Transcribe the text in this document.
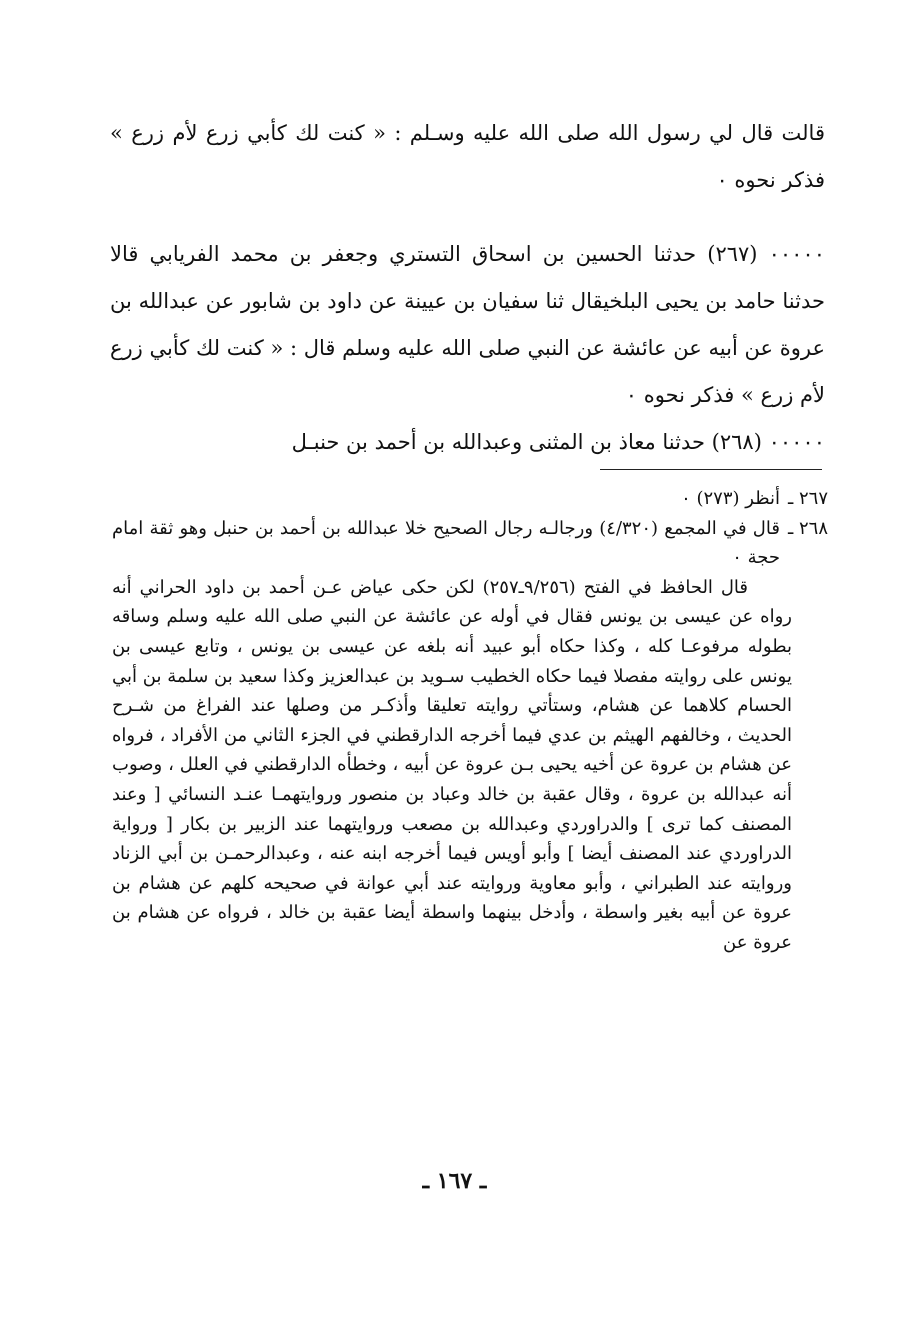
قالت قال لي رسول الله صلى الله عليه وسـلم : « كنت لك كأبي زرع لأم زرع » فذكر نحوه ٠

٠٠٠٠٠ (٢٦٧) حدثنا الحسين بن اسحاق التستري وجعفر بن محمد الفريابي قالا حدثنا حامد بن يحيى البلخيقال ثنا سفيان بن عيينة عن داود بن شابور عن عبدالله بن عروة عن أبيه عن عائشة عن النبي صلى الله عليه وسلم قال : « كنت لك كأبي زرع لأم زرع » فذكر نحوه ٠

٠٠٠٠٠ (٢٦٨) حدثنا معاذ بن المثنى وعبدالله بن أحمد بن حنبـل

٢٦٧ ـ
أنظر (٢٧٣) ٠
٢٦٨ ـ
قال في المجمع (٤/٣٢٠) ورجالـه رجال الصحيح خلا عبدالله بن أحمد بن حنبل وهو ثقة امام حجة ٠

قال الحافظ في الفتح (٩/٢٥٦ـ٢٥٧) لكن حكى عياض عـن أحمد بن داود الحراني أنه رواه عن عيسى بن يونس فقال في أوله عن عائشة عن النبي صلى الله عليه وسلم وساقه بطوله مرفوعـا كله ، وكذا حكاه أبو عبيد أنه بلغه عن عيسى بن يونس ، وتابع عيسى بن يونس على روايته مفصلا فيما حكاه الخطيب سـويد بن عبدالعزيز وكذا سعيد بن سلمة بن أبي الحسام كلاهما عن هشام، وستأتي روايته تعليقا وأذكـر من وصلها عند الفراغ من شـرح الحديث ، وخالفهم الهيثم بن عدي فيما أخرجه الدارقطني في الجزء الثاني من الأفراد ، فرواه عن هشام بن عروة عن أخيه يحيى بـن عروة عن أبيه ، وخطأه الدارقطني في العلل ، وصوب أنه عبدالله بن عروة ، وقال عقبة بن خالد وعباد بن منصور وروايتهمـا عنـد النسائي [ وعند المصنف كما ترى ] والدراوردي وعبدالله بن مصعب وروايتهما عند الزبير بن بكار [ ورواية الدراوردي عند المصنف أيضا ] وأبو أويس فيما أخرجه ابنه عنه ، وعبدالرحمـن بن أبي الزناد وروايته عند الطبراني ، وأبو معاوية وروايته عند أبي عوانة في صحيحه كلهم عن هشام بن عروة عن أبيه بغير واسطة ، وأدخل بينهما واسطة أيضا عقبة بن خالد ، فرواه عن هشام بن عروة عن

ـ ١٦٧ ـ
